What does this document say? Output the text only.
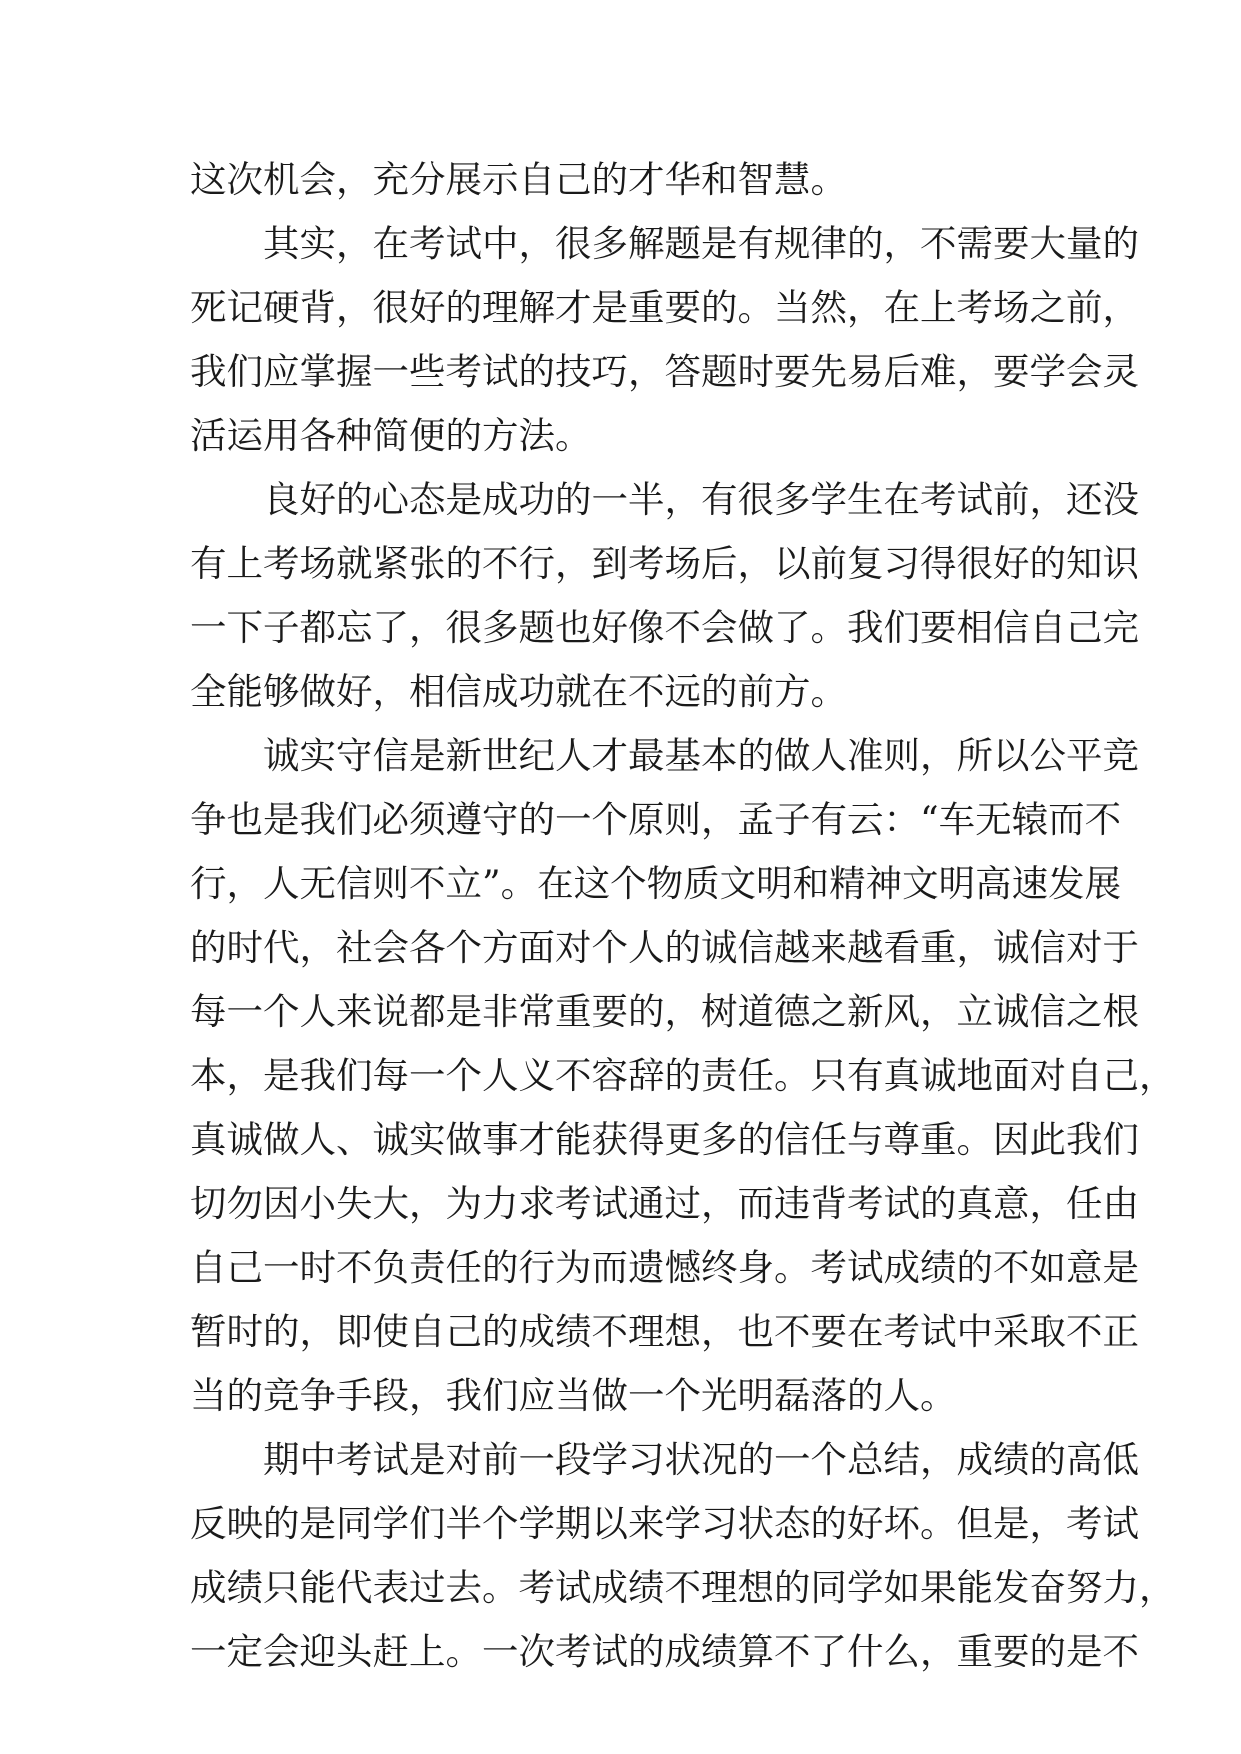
这次机会，充分展示自己的才华和智慧。
其实，在考试中，很多解题是有规律的，不需要大量的
死记硬背，很好的理解才是重要的。当然，在上考场之前，
我们应掌握一些考试的技巧，答题时要先易后难，要学会灵
活运用各种简便的方法。
良好的心态是成功的一半，有很多学生在考试前，还没
有上考场就紧张的不行，到考场后，以前复习得很好的知识
一下子都忘了，很多题也好像不会做了。我们要相信自己完
全能够做好，相信成功就在不远的前方。
诚实守信是新世纪人才最基本的做人准则，所以公平竞
争也是我们必须遵守的一个原则，孟子有云：“车无辕而不
行，人无信则不立”。在这个物质文明和精神文明高速发展
的时代，社会各个方面对个人的诚信越来越看重，诚信对于
每一个人来说都是非常重要的，树道德之新风，立诚信之根
本，是我们每一个人义不容辞的责任。只有真诚地面对自己，
真诚做人、诚实做事才能获得更多的信任与尊重。因此我们
切勿因小失大，为力求考试通过，而违背考试的真意，任由
自己一时不负责任的行为而遗憾终身。考试成绩的不如意是
暂时的，即使自己的成绩不理想，也不要在考试中采取不正
当的竞争手段，我们应当做一个光明磊落的人。
期中考试是对前一段学习状况的一个总结，成绩的高低
反映的是同学们半个学期以来学习状态的好坏。但是，考试
成绩只能代表过去。考试成绩不理想的同学如果能发奋努力，
一定会迎头赶上。一次考试的成绩算不了什么，重要的是不
